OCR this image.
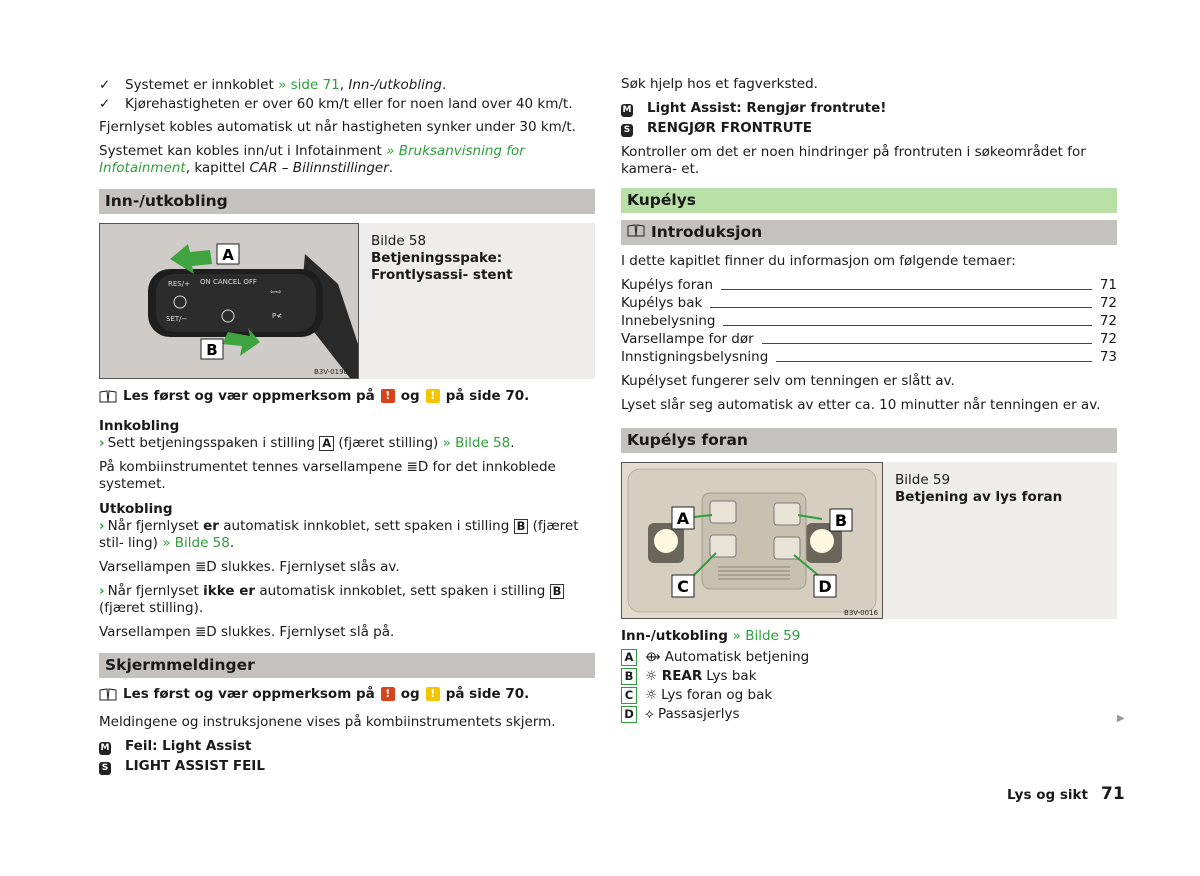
✓	Systemet er innkoblet » side 71, Inn-/utkobling.
✓	Kjørehastigheten er over 60 km/t eller for noen land over 40 km/t.

Fjernlyset kobles automatisk ut når hastigheten synker under 30 km/t.

Systemet kan kobles inn/ut i Infotainment » Bruksanvisning for Infotainment, kapittel CAR – Bilinnstillinger.

Inn-/utkobling
A
B
RES/+ ON CANCEL OFF
SET/−
⇦⇨
P≮
B3V-0190

Bilde 58

Betjeningsspake: Frontlysassi- stent

Les først og vær oppmerksom på ! og ! på side 70.

Innkobling

› Sett betjeningsspaken i stilling A (fjæret stilling) » Bilde 58.

På kombiinstrumentet tennes varsellampene ≣D for det innkoblede systemet.

Utkobling

› Når fjernlyset er automatisk innkoblet, sett spaken i stilling B (fjæret stil- ling) » Bilde 58.

Varsellampen ≣D slukkes. Fjernlyset slås av.

› Når fjernlyset ikke er automatisk innkoblet, sett spaken i stilling B (fjæret stilling).

Varsellampen ≣D slukkes. Fjernlyset slå på.

Skjermmeldinger
Les først og vær oppmerksom på ! og ! på side 70.

Meldingene og instruksjonene vises på kombiinstrumentets skjerm.

M Feil: Light Assist

S LIGHT ASSIST FEIL

Søk hjelp hos et fagverksted.

M Light Assist: Rengjør frontrute!

S RENGJØR FRONTRUTE

Kontroller om det er noen hindringer på frontruten i søkeområdet for kamera- et.

Kupélys
Introduksjon

I dette kapitlet finner du informasjon om følgende temaer:

Kupélys foran	71
Kupélys bak	72
Innebelysning	72
Varsellampe for dør	72
Innstigningsbelysning	73

Kupélyset fungerer selv om tenningen er slått av.

Lyset slår seg automatisk av etter ca. 10 minutter når tenningen er av.

Kupélys foran
A	B
C	D
B3V-0016

Bilde 59

Betjening av lys foran

Inn-/utkobling » Bilde 59

A ⟴ Automatisk betjening

B ☼ REAR Lys bak

C ☼ Lys foran og bak

D ⟡ Passasjerlys	▶
Lys og sikt 71
